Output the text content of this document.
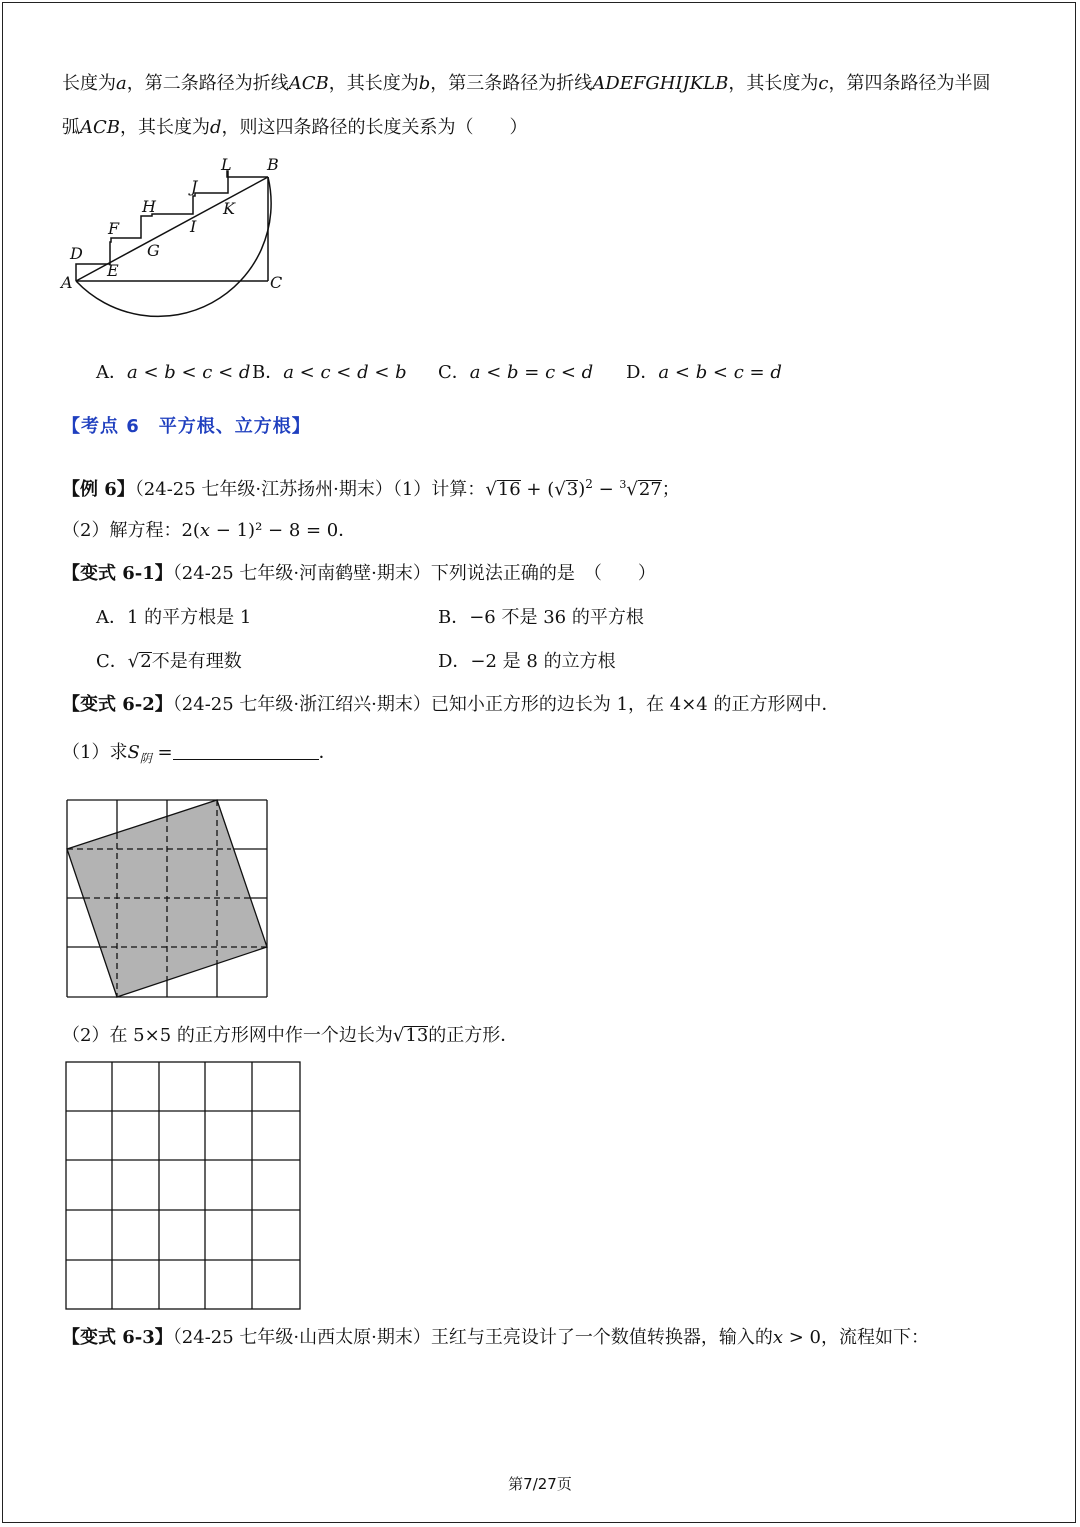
长度为a，第二条路径为折线ACB，其长度为b，第三条路径为折线ADEFGHIJKLB，其长度为c，第四条路径为半圆
弧ACB，其长度为d，则这四条路径的长度关系为（　　）
A
B
C
D
E
F
G
H
I
J
K
L
A．𝑎 < 𝑏 < 𝑐 < 𝑑 B．𝑎 < 𝑐 < 𝑑 < 𝑏 C．𝑎 < 𝑏 = 𝑐 < 𝑑 D．𝑎 < 𝑏 < 𝑐 = 𝑑
【考点 6　平方根、立方根】
【例 6】（24-25 七年级·江苏扬州·期末）（1）计算：$√16 + (√3)^2 - ^3√27$；
（2）解方程：2(𝑥 − 1)² − 8 = 0．
【变式 6-1】（24-25 七年级·河南鹤壁·期末）下列说法正确的是　（　　）
A．1 的平方根是 1	B．−6 不是 36 的平方根
C．√2不是有理数	D．−2 是 8 的立方根
【变式 6-2】（24-25 七年级·浙江绍兴·期末）已知小正方形的边长为 1，在 4×4 的正方形网中．
（1）求$S_阴$ =	．
（2）在 5×5 的正方形网中作一个边长为√13的正方形．
【变式 6-3】（24-25 七年级·山西太原·期末）王红与王亮设计了一个数值转换器，输入的𝑥 > 0，流程如下：
第7/27页
